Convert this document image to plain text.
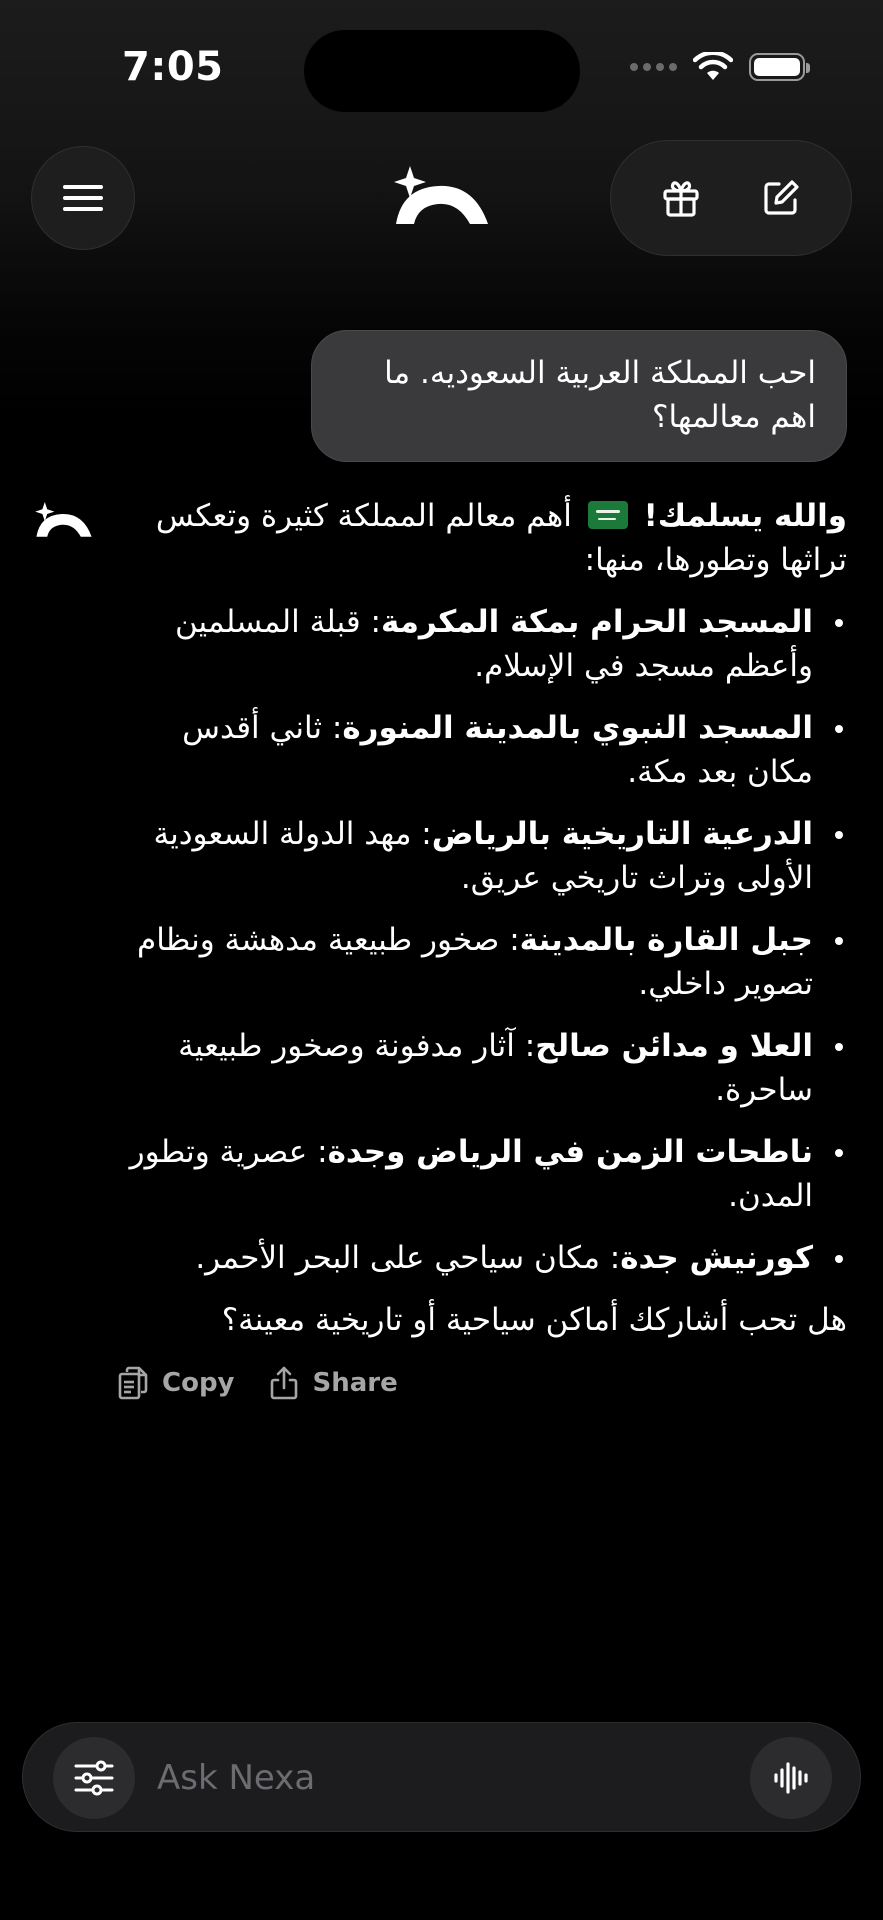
7:05
احب المملكة العربية السعوديه. ما اهم معالمها؟

والله يسلمك!  أهم معالم المملكة كثيرة وتعكس تراثها وتطورها، منها:

المسجد الحرام بمكة المكرمة: قبلة المسلمين وأعظم مسجد في الإسلام.
المسجد النبوي بالمدينة المنورة: ثاني أقدس مكان بعد مكة.
الدرعية التاريخية بالرياض: مهد الدولة السعودية الأولى وتراث تاريخي عريق.
جبل القارة بالمدينة: صخور طبيعية مدهشة ونظام تصوير داخلي.
العلا و مدائن صالح: آثار مدفونة وصخور طبيعية ساحرة.
ناطحات الزمن في الرياض وجدة: عصرية وتطور المدن.
كورنيش جدة: مكان سياحي على البحر الأحمر.

هل تحب أشاركك أماكن سياحية أو تاريخية معينة؟

Copy	Share
Ask Nexa
